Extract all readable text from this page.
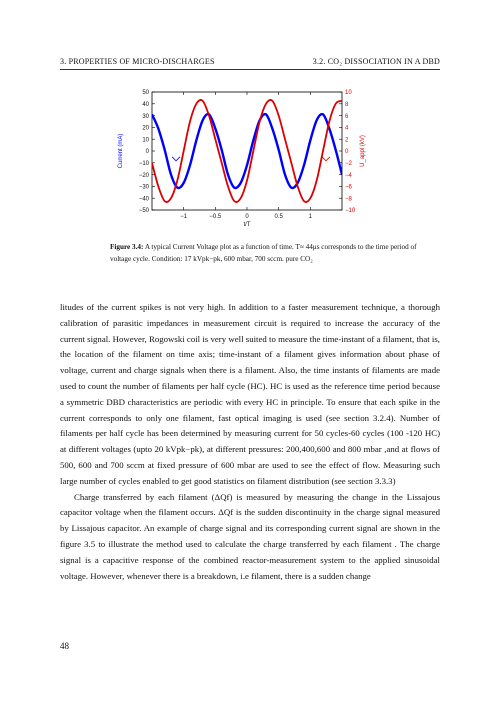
3. PROPERTIES OF MICRO-DISCHARGES	3.2. CO₂ DISSOCIATION IN A DBD
50
40
30
20
10
0
−10
−20
−30
−40
−50
10
8
6
4
2
0
−2
−4
−6
−8
−10
−1	−0.5	0	0.5	1
t/T
Current (mA)	U_appl (kV)
Figure 3.4: A typical Current Voltage plot as a function of time. T≈ 44μs corresponds to the time period of voltage cycle. Condition: 17 kVpk−pk, 600 mbar, 700 sccm. pure CO₂

litudes of the current spikes is not very high. In addition to a faster measurement technique, a thorough calibration of parasitic impedances in measurement circuit is required to increase the accuracy of the current signal. However, Rogowski coil is very well suited to measure the time-instant of a filament, that is, the location of the filament on time axis; time-instant of a filament gives information about phase of voltage, current and charge signals when there is a filament. Also, the time instants of filaments are made used to count the number of filaments per half cycle (HC). HC is used as the reference time period because a symmetric DBD characteristics are periodic with every HC in principle. To ensure that each spike in the current corresponds to only one filament, fast optical imaging is used (see section 3.2.4). Number of filaments per half cycle has been determined by measuring current for 50 cycles-60 cycles (100 -120 HC) at different voltages (upto 20 kVpk−pk), at different pressures: 200,400,600 and 800 mbar ,and at flows of 500, 600 and 700 sccm at fixed pressure of 600 mbar are used to see the effect of flow. Measuring such large number of cycles enabled to get good statistics on filament distribution (see section 3.3.3)

Charge transferred by each filament (ΔQf) is measured by measuring the change in the Lissajous capacitor voltage when the filament occurs. ΔQf is the sudden discontinuity in the charge signal measured by Lissajous capacitor. An example of charge signal and its corresponding current signal are shown in the figure 3.5 to illustrate the method used to calculate the charge transferred by each filament . The charge signal is a capacitive response of the combined reactor-measurement system to the applied sinusoidal voltage. However, whenever there is a breakdown, i.e filament, there is a sudden change

48
